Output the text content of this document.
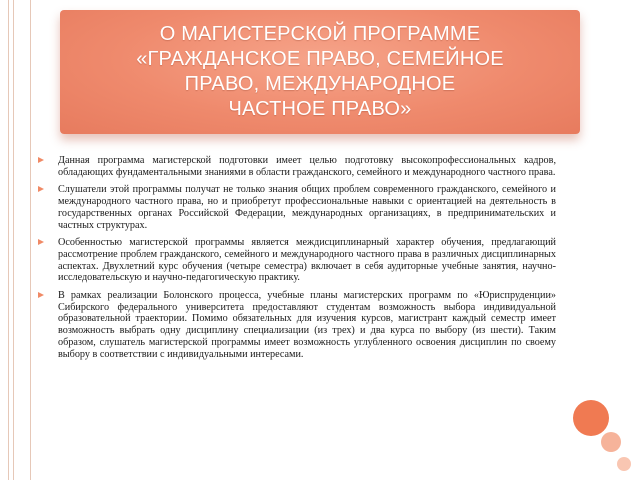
О МАГИСТЕРСКОЙ ПРОГРАММЕ
«ГРАЖДАНСКОЕ ПРАВО, СЕМЕЙНОЕ
ПРАВО, МЕЖДУНАРОДНОЕ
ЧАСТНОЕ ПРАВО»
Данная программа магистерской подготовки имеет целью подготовку высокопрофессиональных кадров, обладающих фундаментальными знаниями в области гражданского, семейного и международного частного права.
Слушатели этой программы получат не только знания общих проблем современного гражданского, семейного и международного частного права, но и приобретут профессиональные навыки с ориентацией на деятельность в государственных органах Российской Федерации, международных организациях, в предпринимательских и частных структурах.
Особенностью магистерской программы является междисциплинарный характер обучения, предлагающий рассмотрение проблем гражданского, семейного и международного частного права в различных дисциплинарных аспектах. Двухлетний курс обучения (четыре семестра) включает в себя аудиторные учебные занятия, научно-исследовательскую и научно-педагогическую практику.
В рамках реализации Болонского процесса, учебные планы магистерских программ по «Юриспруденции» Сибирского федерального университета предоставляют студентам возможность выбора индивидуальной образовательной траектории. Помимо обязательных для изучения курсов, магистрант каждый семестр имеет возможность выбрать одну дисциплину специализации (из трех) и два курса по выбору (из шести). Таким образом, слушатель магистерской программы имеет возможность углубленного освоения дисциплин по своему выбору в соответствии с индивидуальными интересами.
